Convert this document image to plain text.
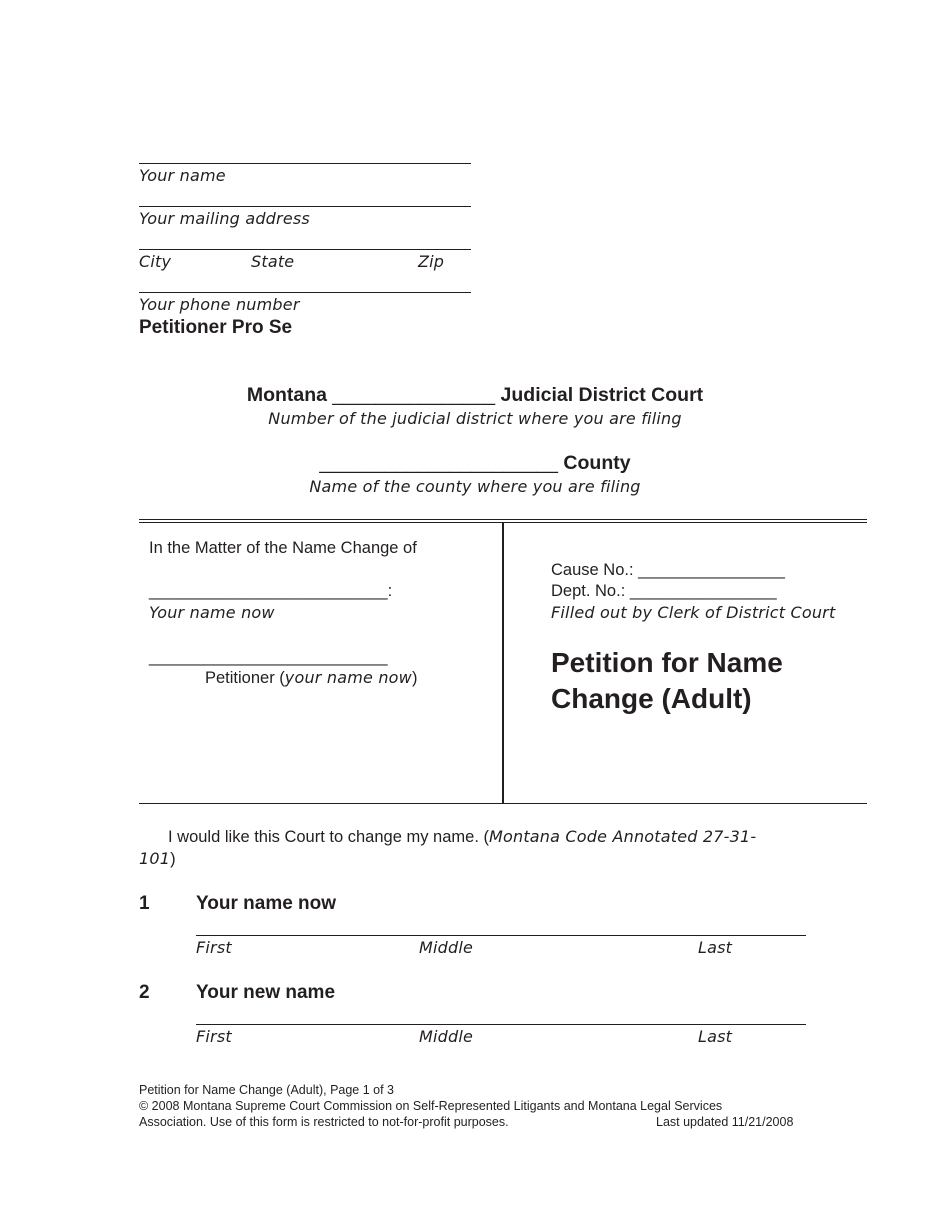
Your name
Your mailing address
City	State	Zip
Your phone number
Petitioner Pro Se
Montana _______________ Judicial District Court
Number of the judicial district where you are filing
______________________ County
Name of the county where you are filing
In the Matter of the Name Change of
__________________________:
Your name now
__________________________
Petitioner (your name now)
Cause No.: ________________
Dept. No.: ________________
Filled out by Clerk of District Court
Petition for Name
Change (Adult)
I would like this Court to change my name. (Montana Code Annotated 27-31-
101)
1 Your name now
First	Middle	Last
2 Your new name
First	Middle	Last
Petition for Name Change (Adult), Page 1 of 3
© 2008 Montana Supreme Court Commission on Self-Represented Litigants and Montana Legal Services
Association. Use of this form is restricted to not-for-profit purposes.	Last updated 11/21/2008
